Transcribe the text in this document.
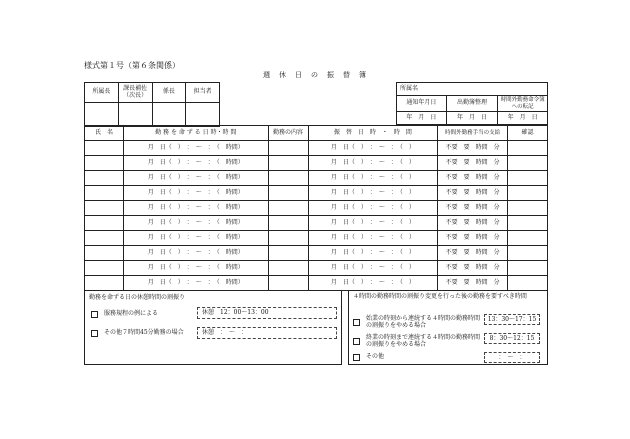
様式第１号（第６条関係）
週　休　日　の　振　替　簿
所属長	課長補佐（次長）	係長	担当者
				所属名		
通知年月日	出勤簿整理	時間外勤務命令簿への転記
年　月　日	年　月　日	年　月　日
氏　名	勤 務 を 命 ず る 日 時・時 間	勤務の内容	振　替　日　時　・　時　間	時間外勤務手当の支給	確認
	月　日（　）　：　〜　：　（　時間）		月　日（　）　：　〜　：　（　）	不要　要　時間　分	
	月　日（　）　：　〜　：　（　時間）		月　日（　）　：　〜　：　（　）	不要　要　時間　分	
	月　日（　）　：　〜　：　（　時間）		月　日（　）　：　〜　：　（　）	不要　要　時間　分	
	月　日（　）　：　〜　：　（　時間）		月　日（　）　：　〜　：　（　）	不要　要　時間　分	
	月　日（　）　：　〜　：　（　時間）		月　日（　）　：　〜　：　（　）	不要　要　時間　分	
	月　日（　）　：　〜　：　（　時間）		月　日（　）　：　〜　：　（　）	不要　要　時間　分	
	月　日（　）　：　〜　：　（　時間）		月　日（　）　：　〜　：　（　）	不要　要　時間　分	
	月　日（　）　：　〜　：　（　時間）		月　日（　）　：　〜　：　（　）	不要　要　時間　分	
	月　日（　）　：　〜　：　（　時間）		月　日（　）　：　〜　：　（　）	不要　要　時間　分	
	月　日（　）　：　〜　：　（　時間）		月　日（　）　：　〜　：　（　）	不要　要　時間　分	
勤務を命ずる日の休憩時間の割振り
服務規程の例による	休憩　12：00〜13：00
その他７時間45分勤務の場合	休憩　：　〜　：
４時間の勤務時間の割振り変更を行った後の勤務を要すべき時間
始業の時刻から連続する４時間の勤務時間の割振りをやめる場合
13：30〜17：15
終業の時刻まで連続する４時間の勤務時間の割振りをやめる場合
8：30〜12：15
その他	：　〜　：
